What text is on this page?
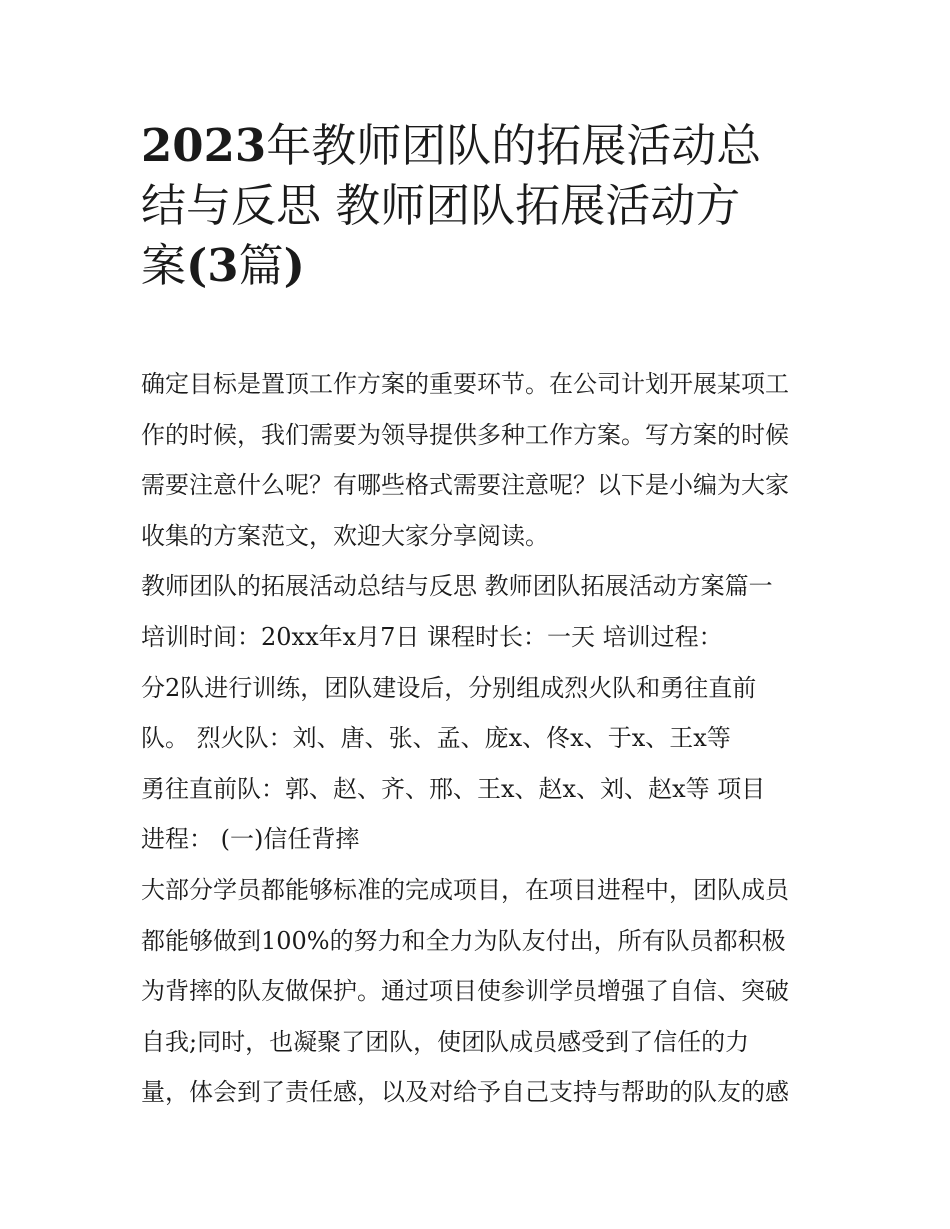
2023年教师团队的拓展活动总
结与反思 教师团队拓展活动方
案(3篇)
确定目标是置顶工作方案的重要环节。在公司计划开展某项工
作的时候，我们需要为领导提供多种工作方案。写方案的时候
需要注意什么呢？有哪些格式需要注意呢？以下是小编为大家
收集的方案范文，欢迎大家分享阅读。
教师团队的拓展活动总结与反思 教师团队拓展活动方案篇一
培训时间：20xx年x月7日 课程时长：一天 培训过程：
分2队进行训练，团队建设后，分别组成烈火队和勇往直前
队。 烈火队：刘、唐、张、孟、庞x、佟x、于x、王x等
勇往直前队：郭、赵、齐、邢、王x、赵x、刘、赵x等 项目
进程： (一)信任背摔
大部分学员都能够标准的完成项目，在项目进程中，团队成员
都能够做到100%的努力和全力为队友付出，所有队员都积极
为背摔的队友做保护。通过项目使参训学员增强了自信、突破
自我;同时，也凝聚了团队，使团队成员感受到了信任的力
量，体会到了责任感，以及对给予自己支持与帮助的队友的感
